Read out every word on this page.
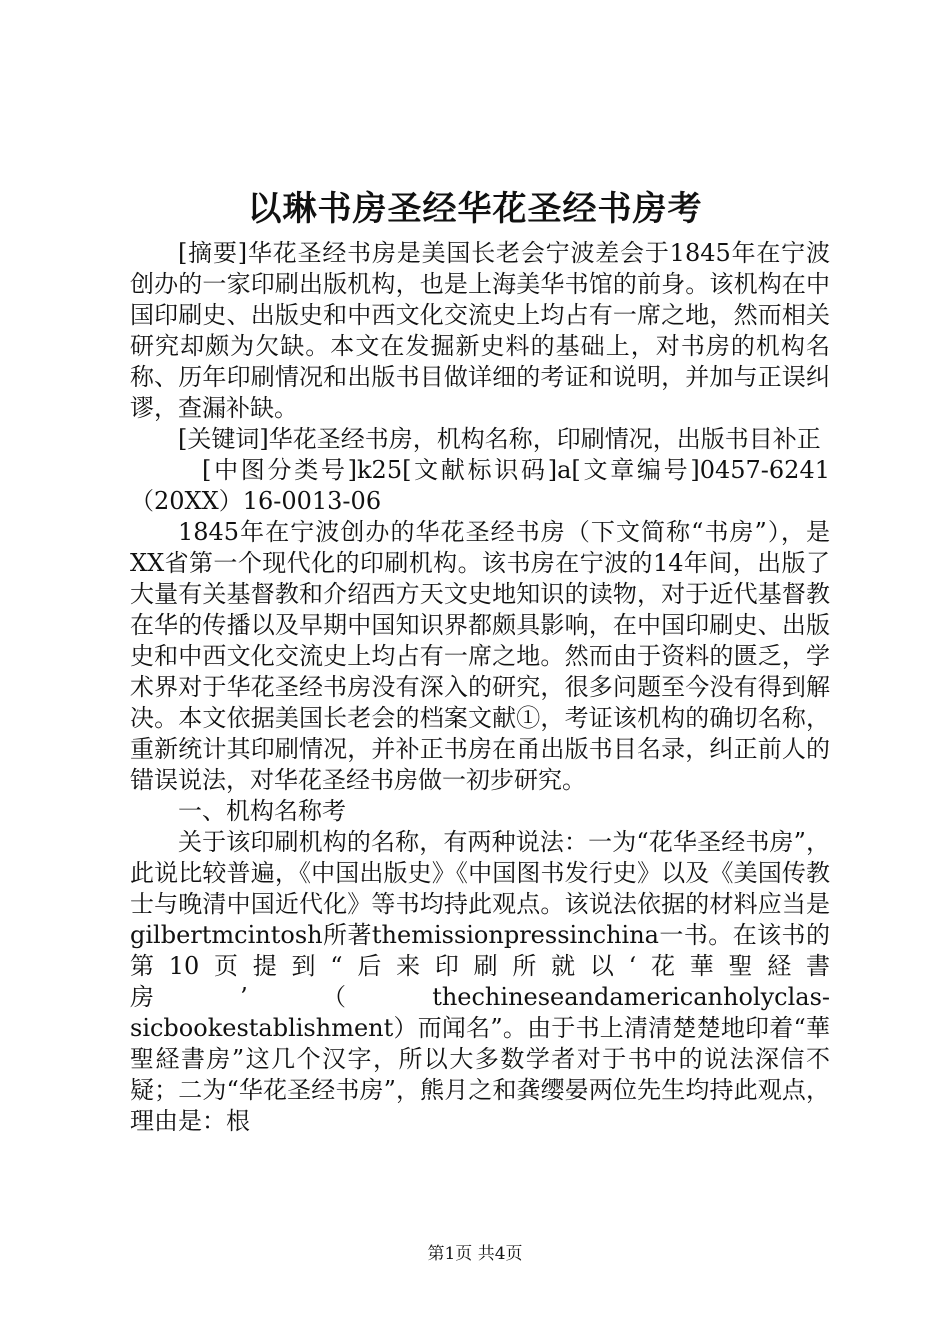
以琳书房圣经华花圣经书房考

[摘要]华花圣经书房是美国长老会宁波差会于1845年在宁波创办的一家印刷出版机构，也是上海美华书馆的前身。该机构在中国印刷史、出版史和中西文化交流史上均占有一席之地，然而相关研究却颇为欠缺。本文在发掘新史料的基础上，对书房的机构名称、历年印刷情况和出版书目做详细的考证和说明，并加与正误纠谬，查漏补缺。

[关键词]华花圣经书房，机构名称，印刷情况，出版书目补正

[中图分类号]k25[文献标识码]a[文章编号]0457-6241（20XX）16-0013-06

1845年在宁波创办的华花圣经书房（下文简称“书房”），是XX省第一个现代化的印刷机构。该书房在宁波的14年间，出版了大量有关基督教和介绍西方天文史地知识的读物，对于近代基督教在华的传播以及早期中国知识界都颇具影响，在中国印刷史、出版史和中西文化交流史上均占有一席之地。然而由于资料的匮乏，学术界对于华花圣经书房没有深入的研究，很多问题至今没有得到解决。本文依据美国长老会的档案文献①，考证该机构的确切名称，重新统计其印刷情况，并补正书房在甬出版书目名录，纠正前人的错误说法，对华花圣经书房做一初步研究。

一、机构名称考

关于该印刷机构的名称，有两种说法：一为“花华圣经书房”，此说比较普遍，《中国出版史》《中国图书发行史》以及《美国传教士与晚清中国近代化》等书均持此观点。该说法依据的材料应当是gilbertmcintosh所著themissionpressinchina一书。在该书的第10页提到“后来印刷所就以‘花華聖経書房’（thechineseandamericanholyclas-sicbookestablishment）而闻名”。由于书上清清楚楚地印着“華聖経書房”这几个汉字，所以大多数学者对于书中的说法深信不疑；二为“华花圣经书房”，熊月之和龚缨晏两位先生均持此观点，理由是：根

第1页 共4页
